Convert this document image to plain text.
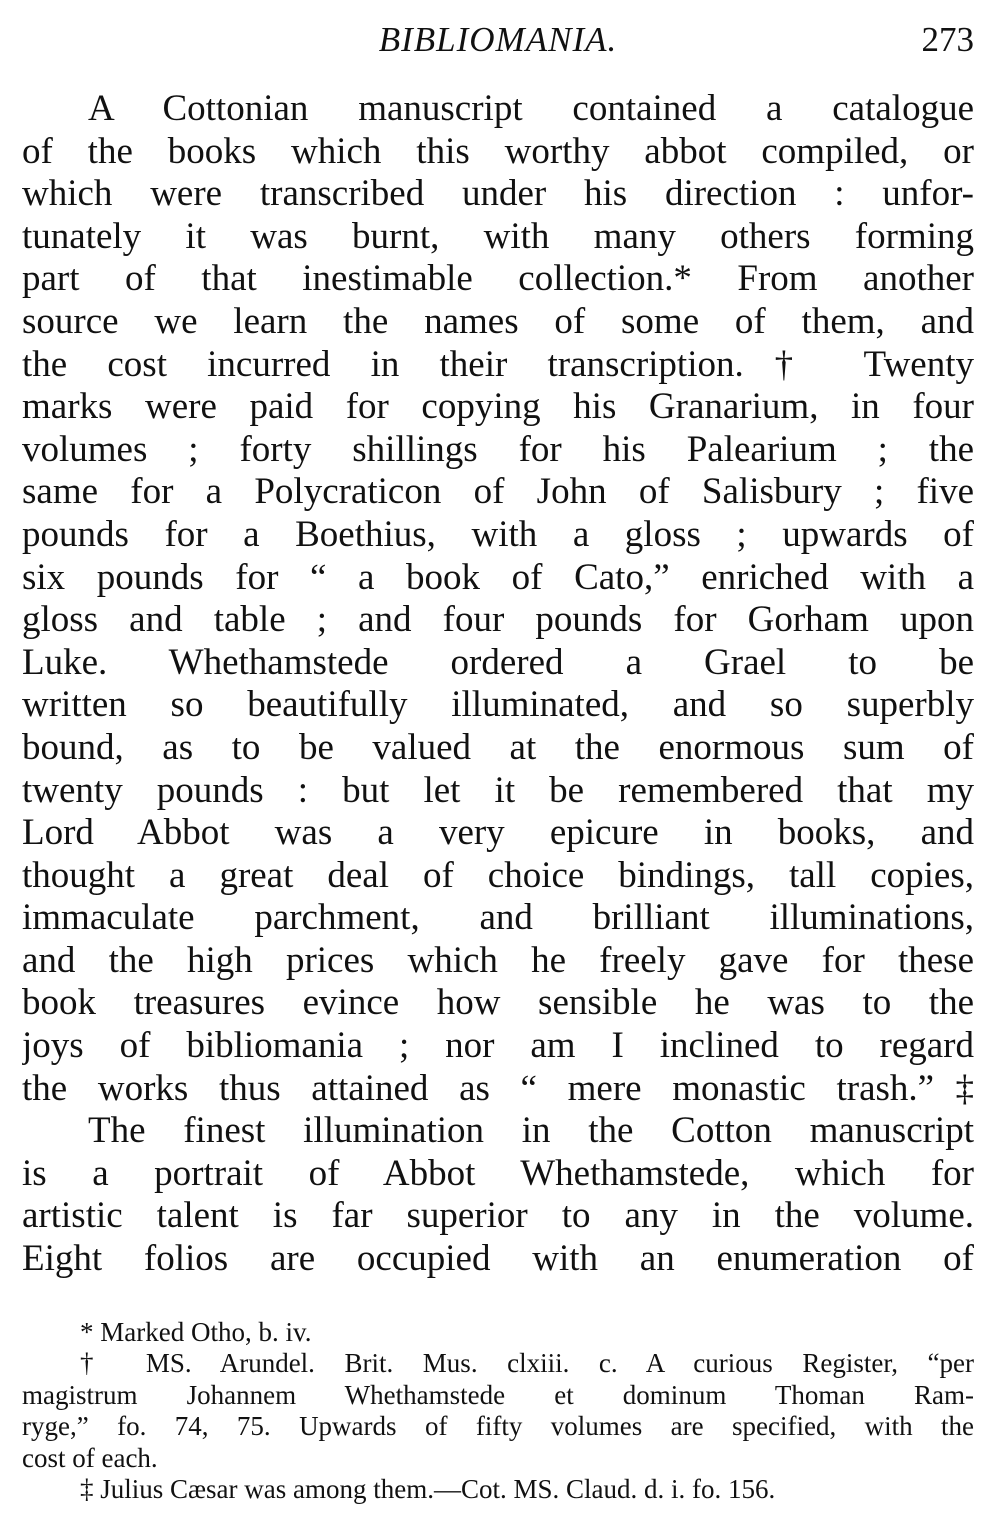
BIBLIOMANIA.	273
A Cottonian manuscript contained a catalogue
of the books which this worthy abbot compiled, or
which were transcribed under his direction : unfor-
tunately it was burnt, with many others forming
part of that inestimable collection.* From another
source we learn the names of some of them, and
the cost incurred in their transcription.† Twenty
marks were paid for copying his Granarium, in four
volumes ; forty shillings for his Palearium ; the
same for a Polycraticon of John of Salisbury ; five
pounds for a Boethius, with a gloss ; upwards of
six pounds for “ a book of Cato,” enriched with a
gloss and table ; and four pounds for Gorham upon
Luke. Whethamstede ordered a Grael to be
written so beautifully illuminated, and so superbly
bound, as to be valued at the enormous sum of
twenty pounds : but let it be remembered that my
Lord Abbot was a very epicure in books, and
thought a great deal of choice bindings, tall copies,
immaculate parchment, and brilliant illuminations,
and the high prices which he freely gave for these
book treasures evince how sensible he was to the
joys of bibliomania ; nor am I inclined to regard
the works thus attained as “ mere monastic trash.”‡
The finest illumination in the Cotton manuscript
is a portrait of Abbot Whethamstede, which for
artistic talent is far superior to any in the volume.
Eight folios are occupied with an enumeration of
* Marked Otho, b. iv.
† MS. Arundel. Brit. Mus. clxiii. c. A curious Register, “per
magistrum Johannem Whethamstede et dominum Thoman Ram-
ryge,” fo. 74, 75. Upwards of fifty volumes are specified, with the
cost of each.
‡ Julius Cæsar was among them.—Cot. MS. Claud. d. i. fo. 156.
